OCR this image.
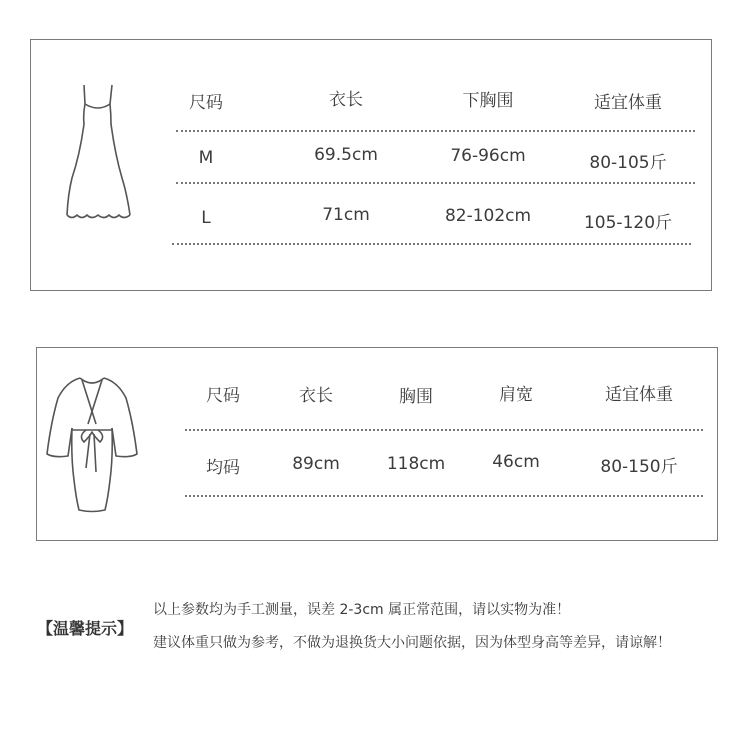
尺码	衣长	下胸围	适宜体重
M	69.5cm	76-96cm	80-105斤
L	71cm	82-102cm	105-120斤
尺码	衣长	胸围	肩宽	适宜体重
均码	89cm	118cm	46cm	80-150斤
【温馨提示】
以上参数均为手工测量，误差 2-3cm 属正常范围，请以实物为准！
建议体重只做为参考，不做为退换货大小问题依据，因为体型身高等差异，请谅解！
